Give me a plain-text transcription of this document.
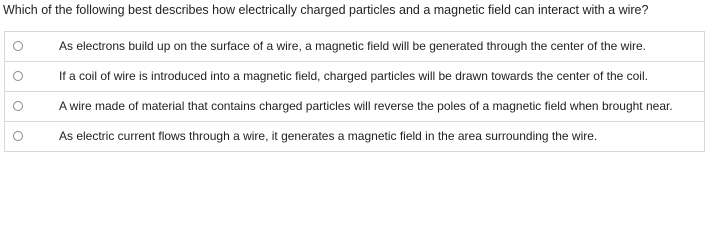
Which of the following best describes how electrically charged particles and a magnetic field can interact with a wire?
As electrons build up on the surface of a wire, a magnetic field will be generated through the center of the wire.
If a coil of wire is introduced into a magnetic field, charged particles will be drawn towards the center of the coil.
A wire made of material that contains charged particles will reverse the poles of a magnetic field when brought near.
As electric current flows through a wire, it generates a magnetic field in the area surrounding the wire.
